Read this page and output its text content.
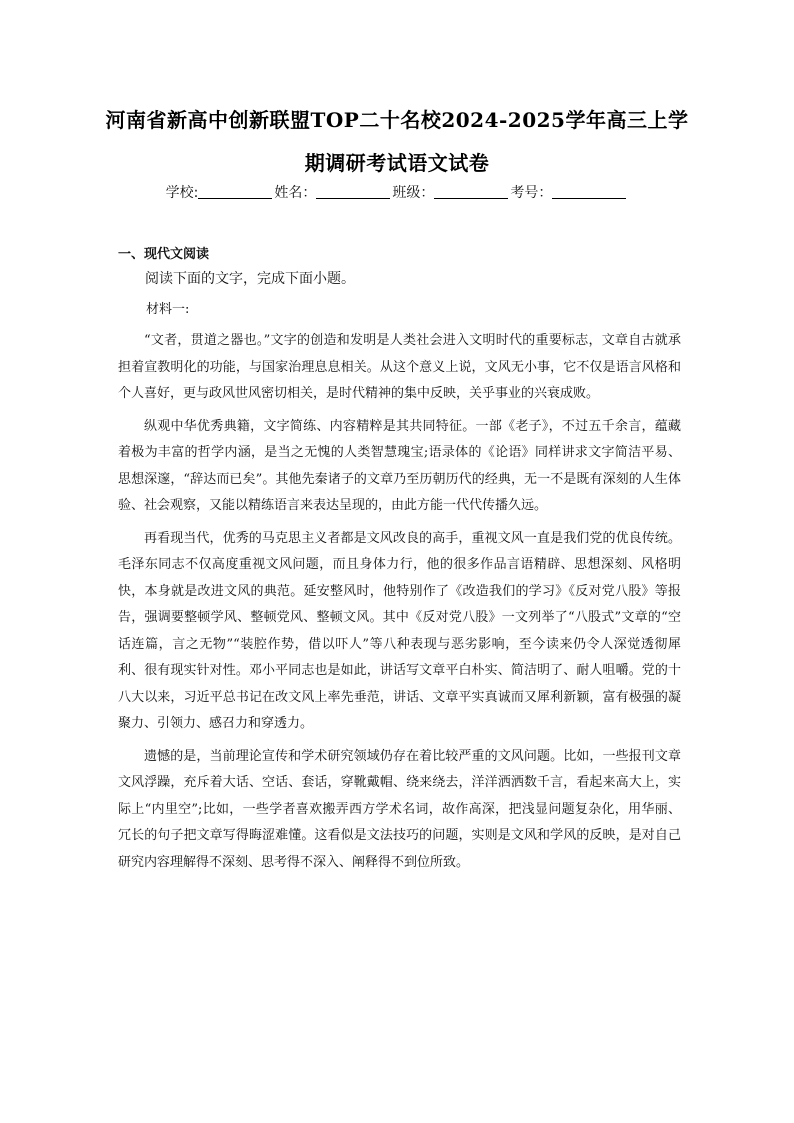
河南省新高中创新联盟TOP二十名校2024-2025学年高三上学
期调研考试语文试卷
学校:	姓名：	班级：	考号：
一、现代文阅读
阅读下面的文字，完成下面小题。
材料一:

“文者，贯道之器也。”文字的创造和发明是人类社会进入文明时代的重要标志，文章自古就承担着宣教明化的功能，与国家治理息息相关。从这个意义上说，文风无小事，它不仅是语言风格和个人喜好，更与政风世风密切相关，是时代精神的集中反映，关乎事业的兴衰成败。

纵观中华优秀典籍，文字简练、内容精粹是其共同特征。一部《老子》，不过五千余言，蕴藏着极为丰富的哲学内涵，是当之无愧的人类智慧瑰宝;语录体的《论语》同样讲求文字简洁平易、思想深邃，“辞达而已矣”。其他先秦诸子的文章乃至历朝历代的经典，无一不是既有深刻的人生体验、社会观察，又能以精练语言来表达呈现的，由此方能一代代传播久远。

再看现当代，优秀的马克思主义者都是文风改良的高手，重视文风一直是我们党的优良传统。毛泽东同志不仅高度重视文风问题，而且身体力行，他的很多作品言语精辟、思想深刻、风格明快，本身就是改进文风的典范。延安整风时，他特别作了《改造我们的学习》《反对党八股》等报告，强调要整顿学风、整顿党风、整顿文风。其中《反对党八股》一文列举了“八股式”文章的“空话连篇，言之无物”“装腔作势，借以吓人”等八种表现与恶劣影响，至今读来仍令人深觉透彻犀利、很有现实针对性。邓小平同志也是如此，讲话写文章平白朴实、简洁明了、耐人咀嚼。党的十八大以来，习近平总书记在改文风上率先垂范，讲话、文章平实真诚而又犀利新颖，富有极强的凝聚力、引领力、感召力和穿透力。

遗憾的是，当前理论宣传和学术研究领域仍存在着比较严重的文风问题。比如，一些报刊文章文风浮躁，充斥着大话、空话、套话，穿靴戴帽、绕来绕去，洋洋洒洒数千言，看起来高大上，实际上“内里空”;比如，一些学者喜欢搬弄西方学术名词，故作高深，把浅显问题复杂化，用华丽、冗长的句子把文章写得晦涩难懂。这看似是文法技巧的问题，实则是文风和学风的反映，是对自己研究内容理解得不深刻、思考得不深入、阐释得不到位所致。
